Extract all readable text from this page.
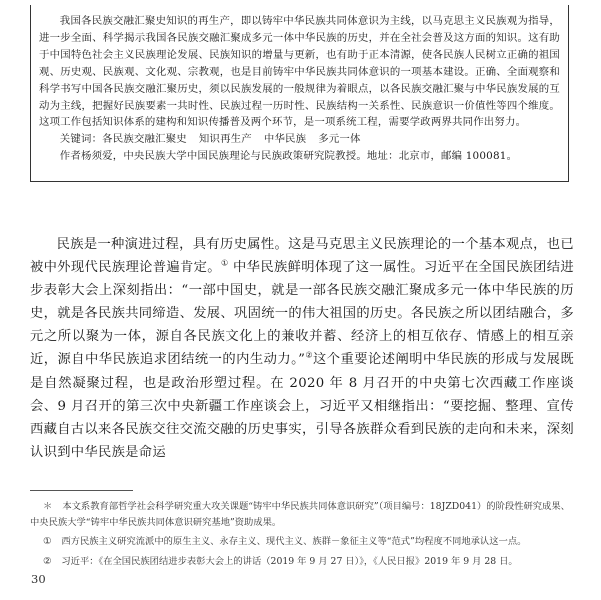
我国各民族交融汇聚史知识的再生产，即以铸牢中华民族共同体意识为主线，以马克思主义民族观为指导，进一步全面、科学揭示我国各民族交融汇聚成多元一体中华民族的历史，并在全社会普及这方面的知识。这有助于中国特色社会主义民族理论发展、民族知识的增量与更新，也有助于正本清源，使各民族人民树立正确的祖国观、历史观、民族观、文化观、宗教观，也是目前铸牢中华民族共同体意识的一项基本建设。正确、全面观察和科学书写中国各民族交融汇聚历史，须以民族发展的一般规律为着眼点，以各民族交融汇聚与中华民族发展的互动为主线，把握好民族要素一共时性、民族过程一历时性、民族结构一关系性、民族意识一价值性等四个维度。这项工作包括知识体系的建构和知识传播普及两个环节，是一项系统工程，需要学政两界共同作出努力。

关键词：各民族交融汇聚史 知识再生产 中华民族 多元一体

作者杨须爱，中央民族大学中国民族理论与民族政策研究院教授。地址：北京市，邮编 100081。

民族是一种演进过程，具有历史属性。这是马克思主义民族理论的一个基本观点，也已被中外现代民族理论普遍肯定。① 中华民族鲜明体现了这一属性。习近平在全国民族团结进步表彰大会上深刻指出：“一部中国史，就是一部各民族交融汇聚成多元一体中华民族的历史，就是各民族共同缔造、发展、巩固统一的伟大祖国的历史。各民族之所以团结融合，多元之所以聚为一体，源自各民族文化上的兼收并蓄、经济上的相互依存、情感上的相互亲近，源自中华民族追求团结统一的内生动力。”②这个重要论述阐明中华民族的形成与发展既是自然凝聚过程，也是政治形塑过程。在 2020 年 8 月召开的中央第七次西藏工作座谈会、9 月召开的第三次中央新疆工作座谈会上，习近平又相继指出：“要挖掘、整理、宣传西藏自古以来各民族交往交流交融的历史事实，引导各族群众看到民族的走向和未来，深刻认识到中华民族是命运

＊ 本文系教育部哲学社会科学研究重大攻关课题“铸牢中华民族共同体意识研究”（项目编号：18JZD041）的阶段性研究成果、中央民族大学“铸牢中华民族共同体意识研究基地”资助成果。

① 西方民族主义研究流派中的原生主义、永存主义、现代主义、族群－象征主义等“范式”均程度不同地承认这一点。

② 习近平：《在全国民族团结进步表彰大会上的讲话（2019 年 9 月 27 日）》，《人民日报》2019 年 9 月 28 日。

30
